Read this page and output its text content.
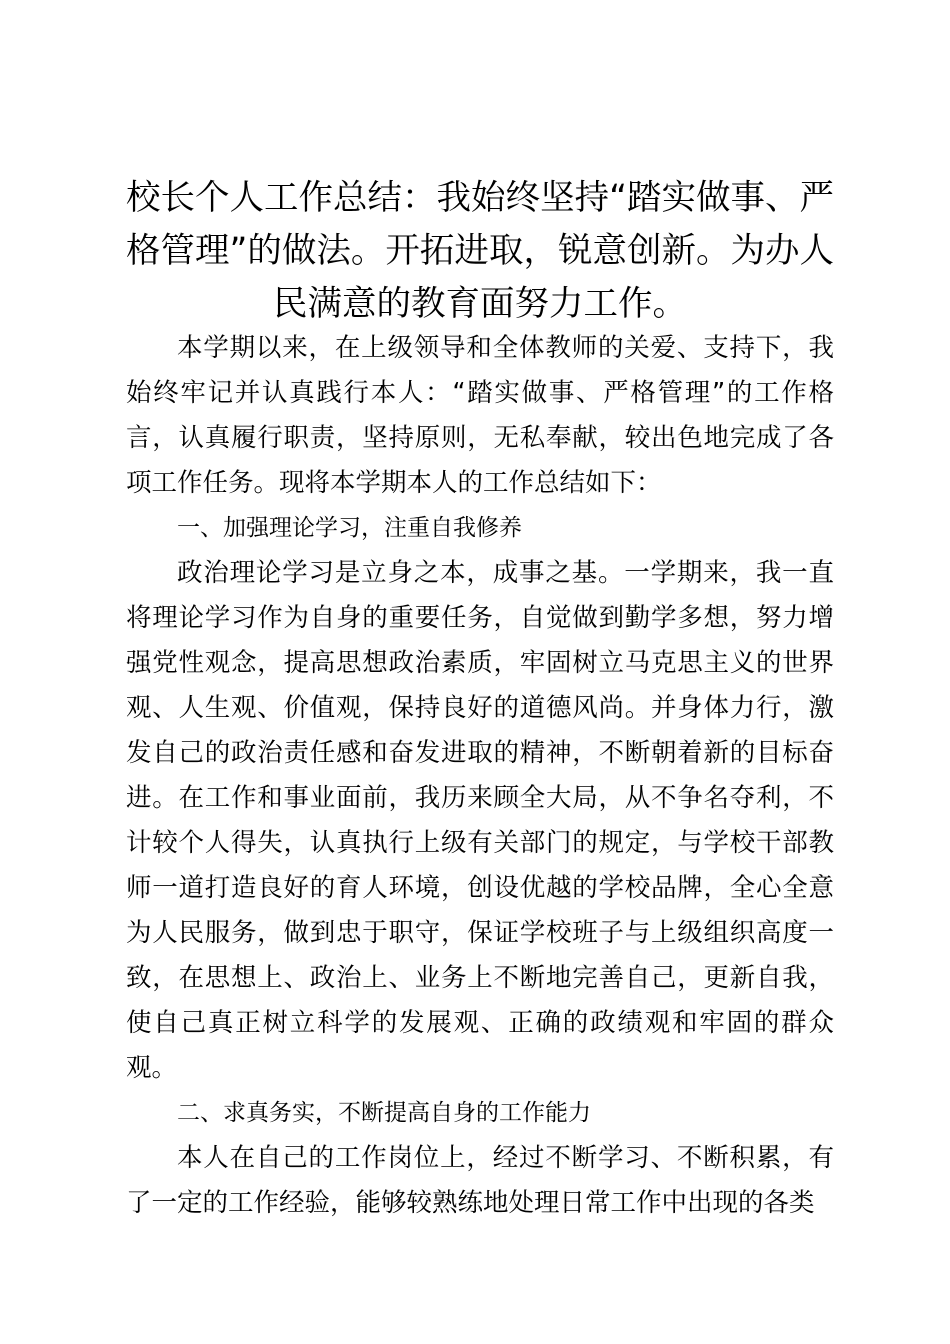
校长个人工作总结：我始终坚持“踏实做事、严格管理”的做法。开拓进取，锐意创新。为办人民满意的教育面努力工作。

本学期以来，在上级领导和全体教师的关爱、支持下，我始终牢记并认真践行本人：“踏实做事、严格管理”的工作格言，认真履行职责，坚持原则，无私奉献，较出色地完成了各项工作任务。现将本学期本人的工作总结如下：

一、加强理论学习，注重自我修养

政治理论学习是立身之本，成事之基。一学期来，我一直将理论学习作为自身的重要任务，自觉做到勤学多想，努力增强党性观念，提高思想政治素质，牢固树立马克思主义的世界观、人生观、价值观，保持良好的道德风尚。并身体力行，激发自己的政治责任感和奋发进取的精神，不断朝着新的目标奋进。在工作和事业面前，我历来顾全大局，从不争名夺利，不计较个人得失，认真执行上级有关部门的规定，与学校干部教师一道打造良好的育人环境，创设优越的学校品牌，全心全意为人民服务，做到忠于职守，保证学校班子与上级组织高度一致，在思想上、政治上、业务上不断地完善自己，更新自我，使自己真正树立科学的发展观、正确的政绩观和牢固的群众观。

二、求真务实，不断提高自身的工作能力

本人在自己的工作岗位上，经过不断学习、不断积累，有了一定的工作经验，能够较熟练地处理日常工作中出现的各类
